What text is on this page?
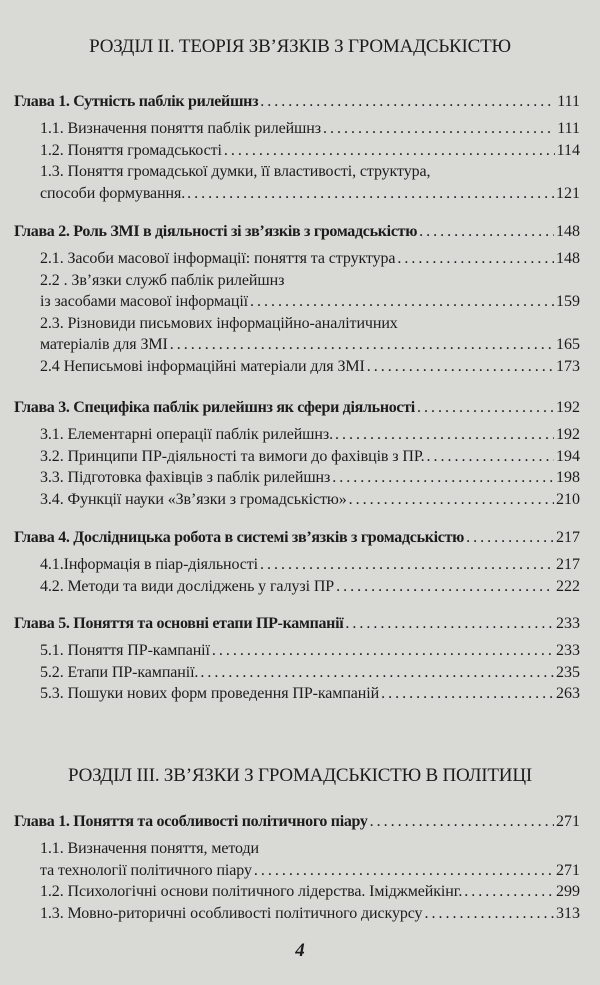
РОЗДІЛ ІІ. ТЕОРІЯ ЗВ’ЯЗКІВ З ГРОМАДСЬКІСТЮ
Глава 1. Сутність паблік рилейшнз . . .	111
1.1. Визначення поняття паблік рилейшнз . . .	111
1.2. Поняття громадськості . . .	114
1.3. Поняття громадської думки, її властивості, структура,
способи формування. . . .	121
Глава 2. Роль ЗМІ в діяльності зі зв’язків з громадськістю . . .	148
2.1. Засоби масової інформації: поняття та структура . . .	148
2.2 . Зв’язки служб паблік рилейшнз
із засобами масової інформації . . .	159
2.3. Різновиди письмових інформаційно-аналітичних
матеріалів для ЗМІ . . .	165
2.4 Неписьмові інформаційні матеріали для ЗМІ . . .	173
Глава 3. Специфіка паблік рилейшнз як сфери діяльності . . .	192
3.1. Елементарні операції паблік рилейшнз. . . .	192
3.2. Принципи ПР-діяльності та вимоги до фахівців з ПР. . . .	194
3.3. Підготовка фахівців з паблік рилейшнз . . .	198
3.4. Функції науки «Зв’язки з громадськістю» . . .	210
Глава 4. Дослідницька робота в системі зв’язків з громадськістю . . .	217
4.1.Інформація в піар-діяльності . . .	217
4.2. Методи та види досліджень у галузі ПР . . .	222
Глава 5. Поняття та основні етапи ПР-кампанії . . .	233
5.1. Поняття ПР-кампанії . . .	233
5.2. Етапи ПР-кампанії. . . .	235
5.3. Пошуки нових форм проведення ПР-кампаній . . .	263
РОЗДІЛ ІІІ. ЗВ’ЯЗКИ З ГРОМАДСЬКІСТЮ В ПОЛІТИЦІ
Глава 1. Поняття та особливості політичного піару . . .	271
1.1. Визначення поняття, методи
та технології політичного піару . . .	271
1.2. Психологічні основи політичного лідерства. Іміджмейкінг. . . .	299
1.3. Мовно-риторичні особливості політичного дискурсу . . .	313
4
